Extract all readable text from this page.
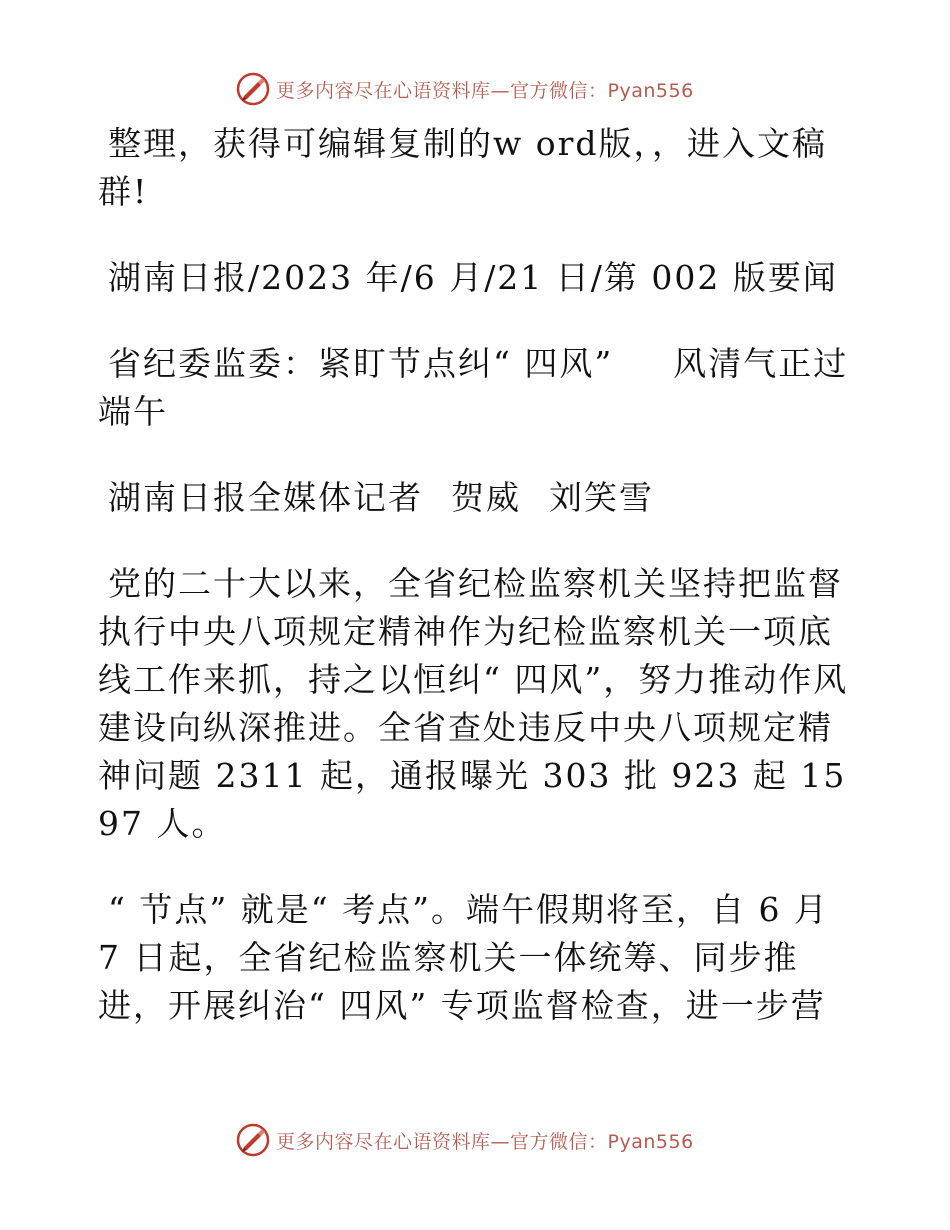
更多内容尽在心语资料库—官方微信：Pyan556

整理，获得可编辑复制的w ord版，，进入文稿群!

湖南日报/2023 年/6 月/21 日/第 002 版要闻

省纪委监委：紧盯节点纠“ 四风” 风清气正过端午

湖南日报全媒体记者 贺威 刘笑雪

党的二十大以来，全省纪检监察机关坚持把监督执行中央八项规定精神作为纪检监察机关一项底线工作来抓，持之以恒纠“ 四风”，努力推动作风建设向纵深推进。全省查处违反中央八项规定精神问题 2311 起，通报曝光 303 批 923 起 1597 人。

“ 节点” 就是“ 考点”。端午假期将至，自 6 月 7 日起，全省纪检监察机关一体统筹、同步推进，开展纠治“ 四风” 专项监督检查，进一步营

更多内容尽在心语资料库—官方微信：Pyan556
